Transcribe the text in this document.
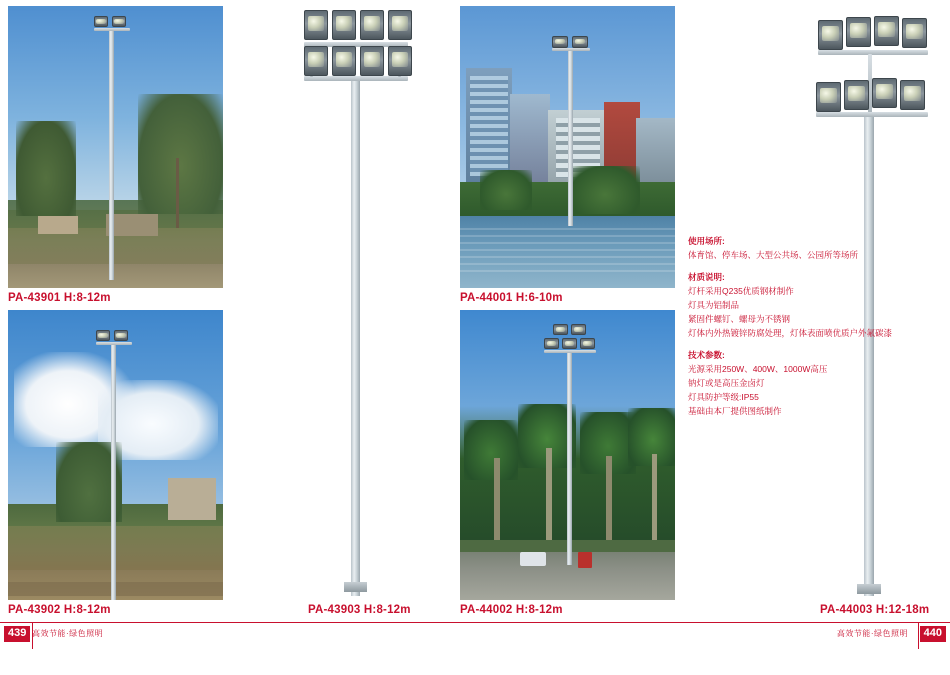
PA-43901 H:8-12m
PA-43902 H:8-12m	PA-43903 H:8-12m
PA-44001 H:6-10m
PA-44002 H:8-12m	PA-44003 H:12-18m
使用场所:
体育馆、停车场、大型公共场、公园所等场所
材质说明:
灯杆采用Q235优质钢材制作
灯具为铝制品
紧固件螺钉、螺母为不锈钢
灯体内外热镀锌防腐处理，灯体表面喷优质户外氟碳漆
技术参数:
光源采用250W、400W、1000W高压
钠灯或是高压金卤灯
灯具防护等级:IP55
基础由本厂提供图纸制作
439 高效节能·绿色照明	高效节能·绿色照明	440
